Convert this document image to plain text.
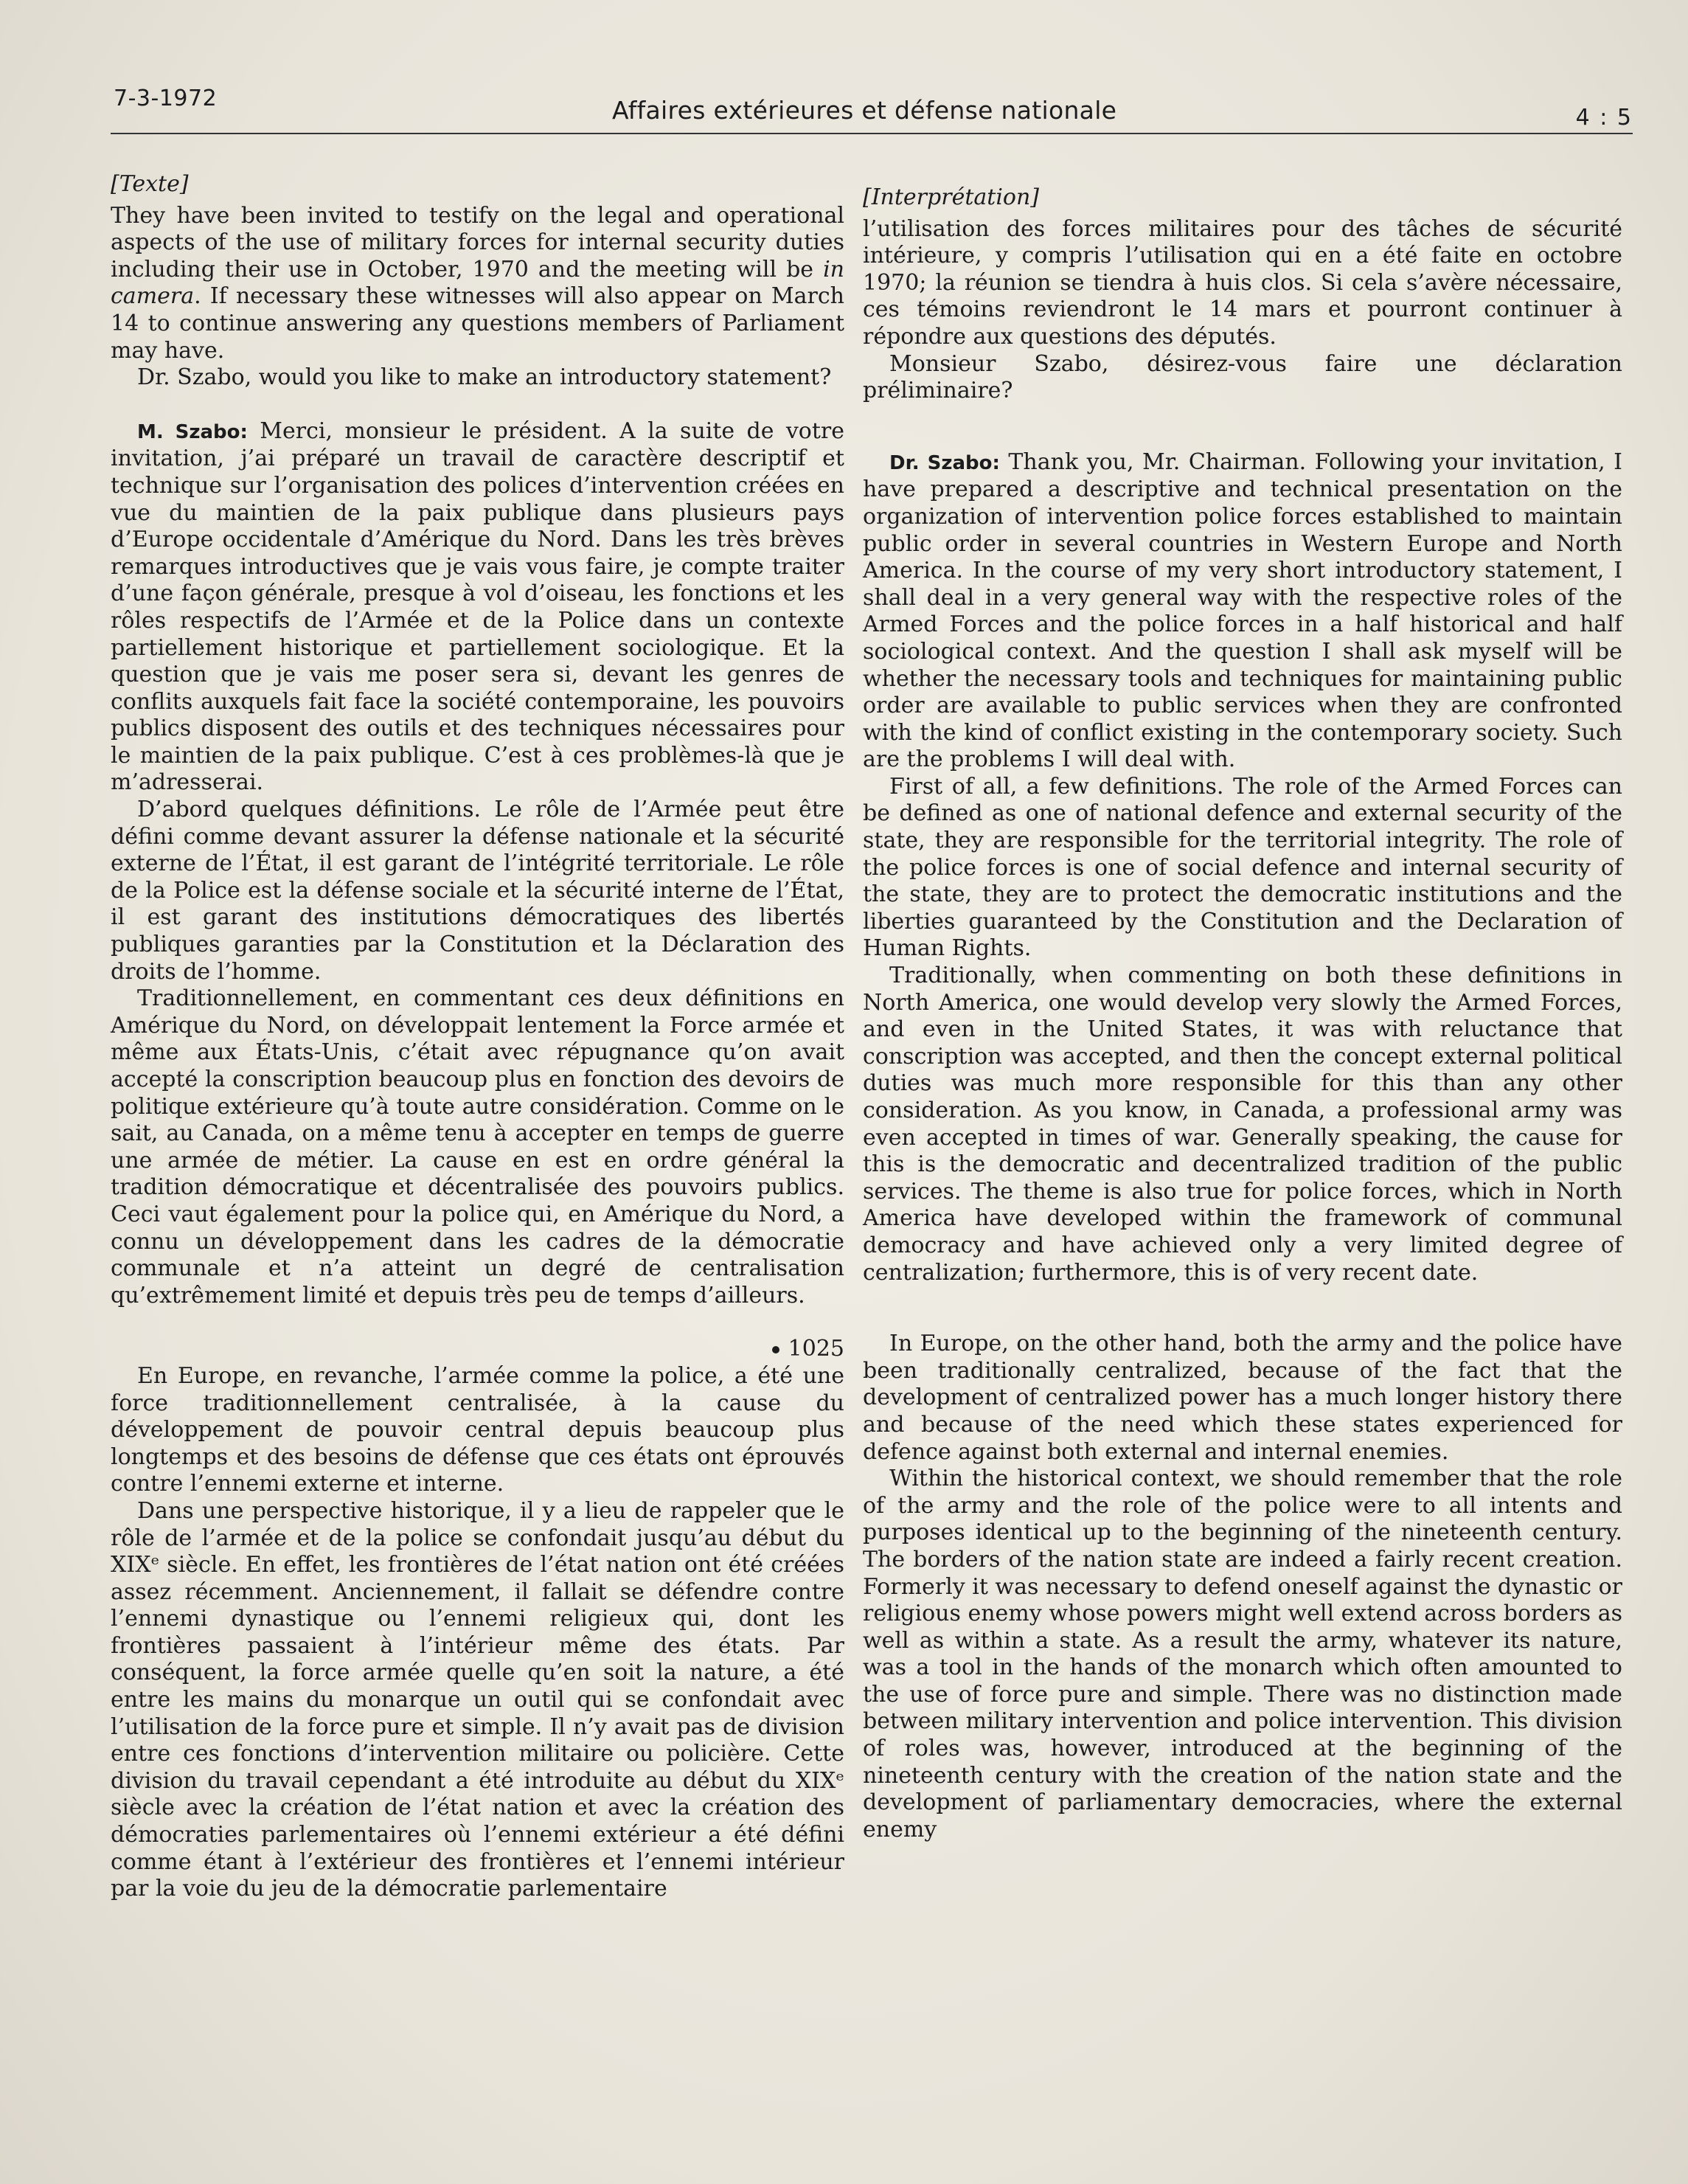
7-3-1972	Affaires extérieures et défense nationale	4 : 5

[Texte]

They have been invited to testify on the legal and operational aspects of the use of military forces for internal security duties including their use in October, 1970 and the meeting will be in camera. If necessary these witnesses will also appear on March 14 to continue answering any questions members of Parliament may have.

Dr. Szabo, would you like to make an introductory statement?

M. Szabo: Merci, monsieur le président. A la suite de votre invitation, j’ai préparé un travail de caractère descriptif et technique sur l’organisation des polices d’intervention créées en vue du maintien de la paix publique dans plusieurs pays d’Europe occidentale d’Amérique du Nord. Dans les très brèves remarques introductives que je vais vous faire, je compte traiter d’une façon générale, presque à vol d’oiseau, les fonctions et les rôles respectifs de l’Armée et de la Police dans un contexte partiellement historique et partiellement sociologique. Et la question que je vais me poser sera si, devant les genres de conflits auxquels fait face la société contemporaine, les pouvoirs publics disposent des outils et des techniques nécessaires pour le maintien de la paix publique. C’est à ces problèmes-là que je m’adresserai.

D’abord quelques définitions. Le rôle de l’Armée peut être défini comme devant assurer la défense nationale et la sécurité externe de l’État, il est garant de l’intégrité territoriale. Le rôle de la Police est la défense sociale et la sécurité interne de l’État, il est garant des institutions démocratiques des libertés publiques garanties par la Constitution et la Déclaration des droits de l’homme.

Traditionnellement, en commentant ces deux définitions en Amérique du Nord, on développait lentement la Force armée et même aux États-Unis, c’était avec répugnance qu’on avait accepté la conscription beaucoup plus en fonction des devoirs de politique extérieure qu’à toute autre considération. Comme on le sait, au Canada, on a même tenu à accepter en temps de guerre une armée de métier. La cause en est en ordre général la tradition démocratique et décentralisée des pouvoirs publics. Ceci vaut également pour la police qui, en Amérique du Nord, a connu un développement dans les cadres de la démocratie communale et n’a atteint un degré de centralisation qu’extrêmement limité et depuis très peu de temps d’ailleurs.

1025

En Europe, en revanche, l’armée comme la police, a été une force traditionnellement centralisée, à la cause du développement de pouvoir central depuis beaucoup plus longtemps et des besoins de défense que ces états ont éprouvés contre l’ennemi externe et interne.

Dans une perspective historique, il y a lieu de rappeler que le rôle de l’armée et de la police se confondait jusqu’au début du XIXᵉ siècle. En effet, les frontières de l’état nation ont été créées assez récemment. Anciennement, il fallait se défendre contre l’ennemi dynastique ou l’ennemi religieux qui, dont les frontières passaient à l’intérieur même des états. Par conséquent, la force armée quelle qu’en soit la nature, a été entre les mains du monarque un outil qui se confondait avec l’utilisation de la force pure et simple. Il n’y avait pas de division entre ces fonctions d’intervention militaire ou policière. Cette division du travail cependant a été introduite au début du XIXᵉ siècle avec la création de l’état nation et avec la création des démocraties parlementaires où l’ennemi extérieur a été défini comme étant à l’extérieur des frontières et l’ennemi intérieur par la voie du jeu de la démocratie parlementaire

[Interprétation]

l’utilisation des forces militaires pour des tâches de sécurité intérieure, y compris l’utilisation qui en a été faite en octobre 1970; la réunion se tiendra à huis clos. Si cela s’avère nécessaire, ces témoins reviendront le 14 mars et pourront continuer à répondre aux questions des députés.

Monsieur Szabo, désirez-vous faire une déclaration préliminaire?

Dr. Szabo: Thank you, Mr. Chairman. Following your invitation, I have prepared a descriptive and technical presentation on the organization of intervention police forces established to maintain public order in several countries in Western Europe and North America. In the course of my very short introductory statement, I shall deal in a very general way with the respective roles of the Armed Forces and the police forces in a half historical and half sociological context. And the question I shall ask myself will be whether the necessary tools and techniques for maintaining public order are available to public services when they are confronted with the kind of conflict existing in the contemporary society. Such are the problems I will deal with.

First of all, a few definitions. The role of the Armed Forces can be defined as one of national defence and external security of the state, they are responsible for the territorial integrity. The role of the police forces is one of social defence and internal security of the state, they are to protect the democratic institutions and the liberties guaranteed by the Constitution and the Declaration of Human Rights.

Traditionally, when commenting on both these definitions in North America, one would develop very slowly the Armed Forces, and even in the United States, it was with reluctance that conscription was accepted, and then the concept external political duties was much more responsible for this than any other consideration. As you know, in Canada, a professional army was even accepted in times of war. Generally speaking, the cause for this is the democratic and decentralized tradition of the public services. The theme is also true for police forces, which in North America have developed within the framework of communal democracy and have achieved only a very limited degree of centralization; furthermore, this is of very recent date.

In Europe, on the other hand, both the army and the police have been traditionally centralized, because of the fact that the development of centralized power has a much longer history there and because of the need which these states experienced for defence against both external and internal enemies.

Within the historical context, we should remember that the role of the army and the role of the police were to all intents and purposes identical up to the beginning of the nineteenth century. The borders of the nation state are indeed a fairly recent creation. Formerly it was necessary to defend oneself against the dynastic or religious enemy whose powers might well extend across borders as well as within a state. As a result the army, whatever its nature, was a tool in the hands of the monarch which often amounted to the use of force pure and simple. There was no distinction made between military intervention and police intervention. This division of roles was, however, introduced at the beginning of the nineteenth century with the creation of the nation state and the development of parliamentary democracies, where the external enemy
